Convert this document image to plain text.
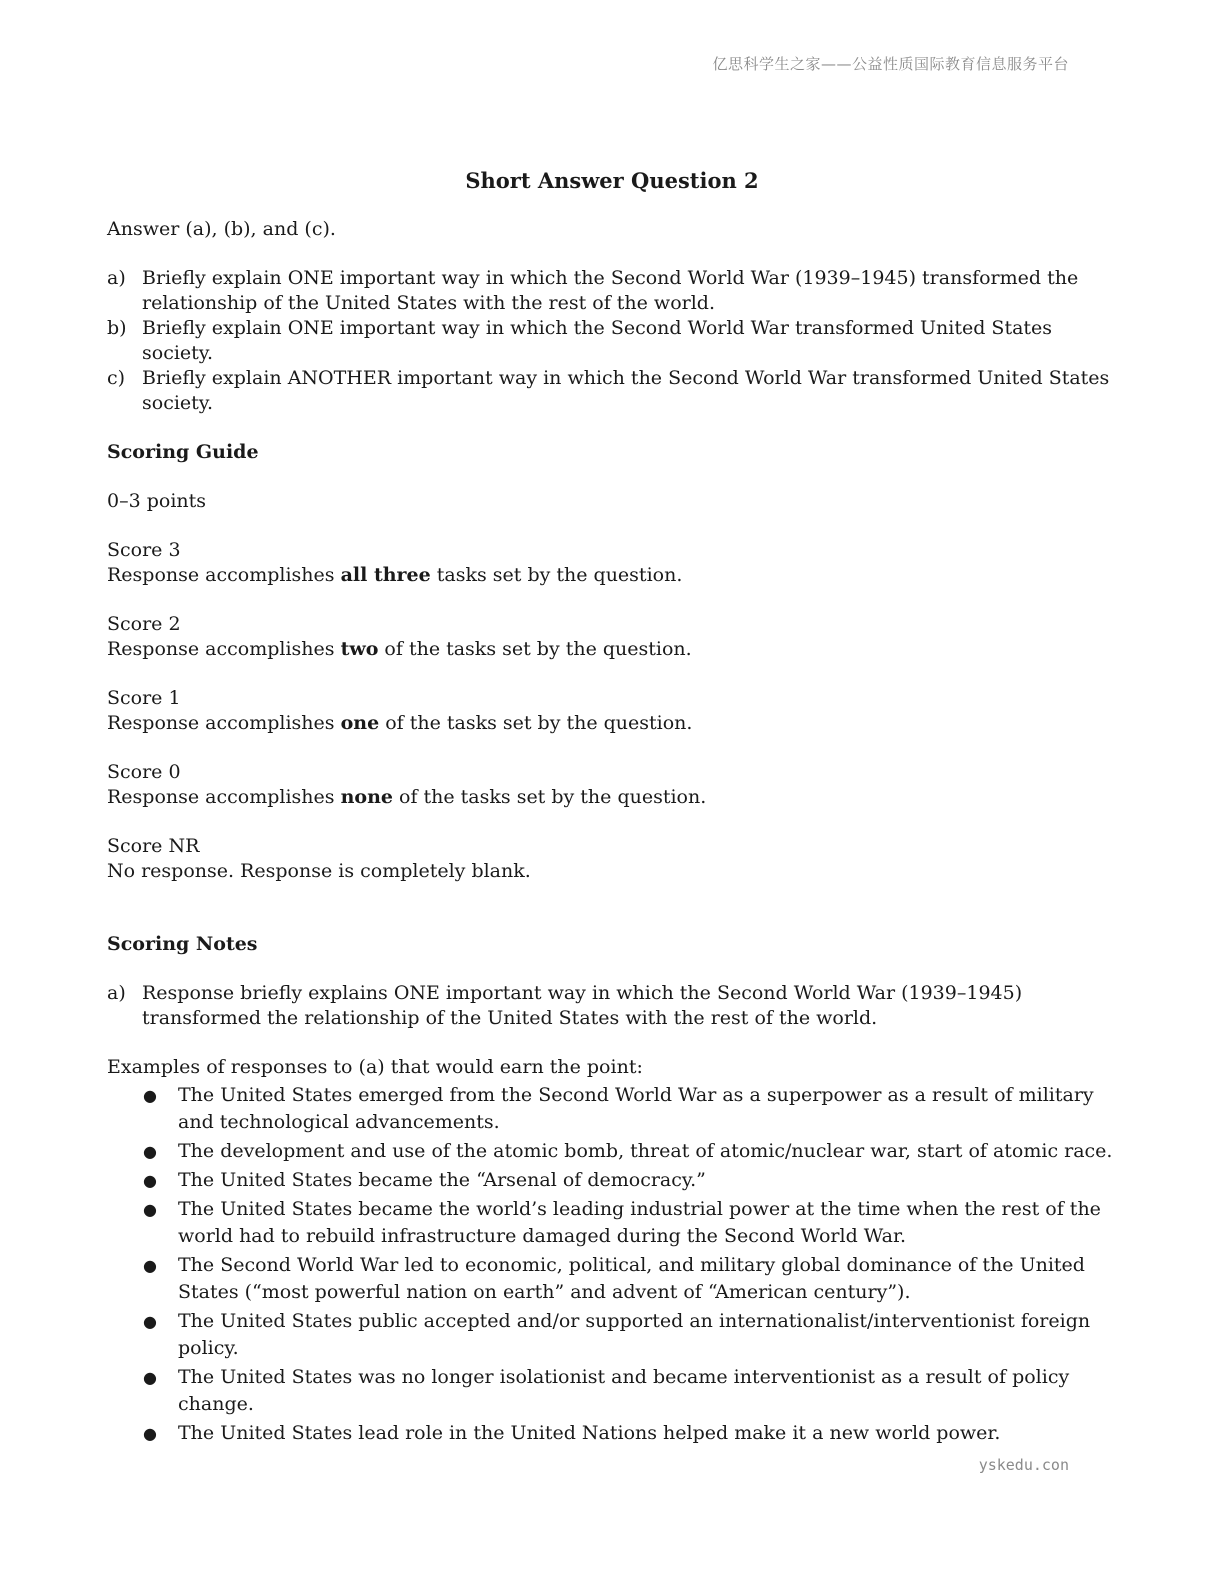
亿思科学生之家——公益性质国际教育信息服务平台
Short Answer Question 2
Answer (a), (b), and (c).
a) Briefly explain ONE important way in which the Second World War (1939–1945) transformed the relationship of the United States with the rest of the world.
b) Briefly explain ONE important way in which the Second World War transformed United States society.
c) Briefly explain ANOTHER important way in which the Second World War transformed United States society.
Scoring Guide
0–3 points
Score 3
Response accomplishes all three tasks set by the question.
Score 2
Response accomplishes two of the tasks set by the question.
Score 1
Response accomplishes one of the tasks set by the question.
Score 0
Response accomplishes none of the tasks set by the question.
Score NR
No response. Response is completely blank.
Scoring Notes
a) Response briefly explains ONE important way in which the Second World War (1939–1945) transformed the relationship of the United States with the rest of the world.
Examples of responses to (a) that would earn the point:
● The United States emerged from the Second World War as a superpower as a result of military and technological advancements.
● The development and use of the atomic bomb, threat of atomic/nuclear war, start of atomic race.
● The United States became the “Arsenal of democracy.”
● The United States became the world’s leading industrial power at the time when the rest of the world had to rebuild infrastructure damaged during the Second World War.
● The Second World War led to economic, political, and military global dominance of the United States (“most powerful nation on earth” and advent of “American century”).
● The United States public accepted and/or supported an internationalist/interventionist foreign policy.
● The United States was no longer isolationist and became interventionist as a result of policy change.
● The United States lead role in the United Nations helped make it a new world power.
yskedu.con
